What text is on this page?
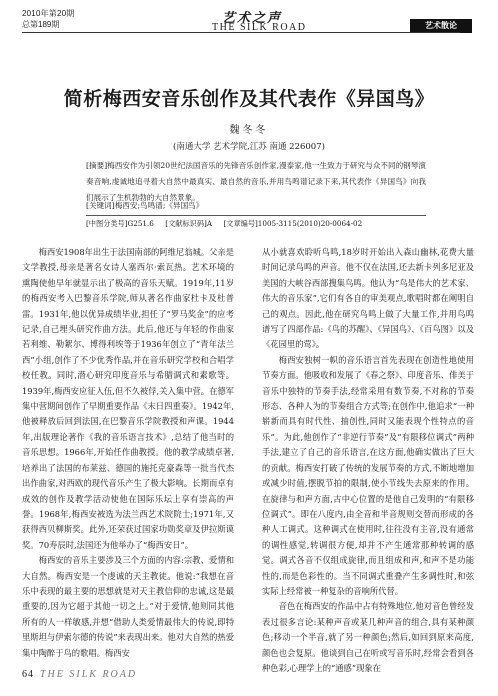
2010年第20期
总第189期	艺术之声
THE SILK ROAD	艺术散论
简析梅西安音乐创作及其代表作《异国鸟》
魏冬冬
(南通大学 艺术学院,江苏 南通 226007)
[摘要]梅西安作为引领20世纪法国音乐的先锋音乐创作家,漫泰家,他一生致力于研究与众不同的钢琴演奏音响,虔诚地追寻着大自然中最真实、最自然的音乐,并用鸟鸣谱记录下来,其代表作《异国鸟》向我们展示了生机勃勃的大自然景象。
[关键词]梅西安;鸟鸣谱;《异国鸟》
[中图分类号]G251.6     [文献标识码]A     [文章编号]1005-3115(2010)20-0064-02

梅西安1908年出生于法国南部的阿维尼翁城。父亲是文学教授,母亲是著名女诗人塞西尔·索瓦热。艺术环境的熏陶使他早年就显示出了极高的音乐天赋。1919年,11岁的梅西安考入巴黎音乐学院,师从著名作曲家杜卡及杜普雷。1931年,他以优异成绩毕业,担任了“罗马奖金”的应考记录,自己埋头研究作曲方法。此后,他还与年轻的作曲家若利维、勒絮尔、博得利埃等于1936年创立了“青年法兰西”小组,创作了不少优秀作品,并在音乐研究学校和合唱学校任教。同时,潜心研究印度音乐与希腊调式和素歌等。1939年,梅西安应征入伍,但不久被俘,关入集中营。在德军集中营期间创作了早期重要作品《末日四重奏》。1942年,他被释放后回到法国,在巴黎音乐学院教授和声课。1944年,出版理论著作《我的音乐语言技术》,总结了他当时的音乐思想。1966年,开始任作曲教授。他的教学成绩卓著,培养出了法国的布莱兹、德国的施托克豪森等一批当代杰出作曲家,对西欧的现代音乐产生了极大影响。长期而卓有成效的创作及教学活动使他在国际乐坛上享有崇高的声誉。1968年,梅西安被选为法兰西艺术院院士;1971年,又获得西贝柳斯奖。此外,还荣获过国家功勋奖章及伊拉斯谟奖。70寿辰时,法国还为他举办了“梅西安日”。

梅西安的音乐主要涉及三个方面的内容:宗教、爱情和大自然。梅西安是一个虔诚的天主教徒。他说:“我想在音乐中表现的最主要的思想就是对天主教信仰的忠诚,这是最重要的,因为它超于其他一切之上。”对于爱情,他则同其他所有的人一样敏感,并想“借助人类爱情最伟大的传说,即特里斯坦与伊索尔德的传说”来表现出来。他对大自然的热爱集中陶醉于鸟的歌唱。梅西安

从小就喜欢聆听鸟鸣,18岁时开始出入森山幽林,花费大量时间记录鸟鸣的声音。他不仅在法国,还去新卡列多尼亚及美国的大峡谷西部搜集鸟鸣。他认为“鸟是伟大的艺术家、伟大的音乐家”,它们有各自的审美观点,歌唱时都在阐明自己的观点。因此,他在研究鸟鸣上做了大量工作,并用鸟鸣谱写了四部作品:《鸟的苏醒》、《异国鸟》、《百鸟图》以及《花园里的莺》。

梅西安独树一帜的音乐语言首先表现在创造性地使用节奏方面。他吸收和发展了《春之祭》、印度音乐、俳美于音乐中独特的节奏手法,经常采用有数节奏,不对称的节奏形态、各种人为的节奏组合方式等;在创作中,他追求“一种崭新而具有时代性、抽创性,同时又能表现个性特点的音乐”。为此,他创作了“非逆行节奏”及“有限移位调式”两种手法,建立了自己的音乐语言,在这方面,他确实做出了巨大的贡献。梅西安打破了传统的发展节奏的方式,不断地增加或减少时值,摆脱节拍的限制,使小节线失去原来的作用。在旋律与和声方面,古中心位置的是他自己发明的“有限移位调式”。即在八度内,由全音和半音规则交替而形成的各种人工调式。这种调式在使用时,往往没有主音,没有通常的调性感觉,转调很方便,却并不产生通常那种转调的感觉。调式各音不仅组成旋律,而且组成和声,和声不是功能性的,而是色彩性的。当不同调式重叠产生多调性时,和弦实际上经常被一种复杂的音响所代替。

音色在梅西安的作品中占有特殊地位,他对音色曾经发表过很多言论:某种声音或某几种声音的组合,具有某种颜色;移动一个半音,就了另一种颜色;然后,如回到原来高度,颜色也会复原。他谈到自己在听或写音乐时,经常会看到各种色彩,心理学上的“通感”现象在

64 THE SILK ROAD
